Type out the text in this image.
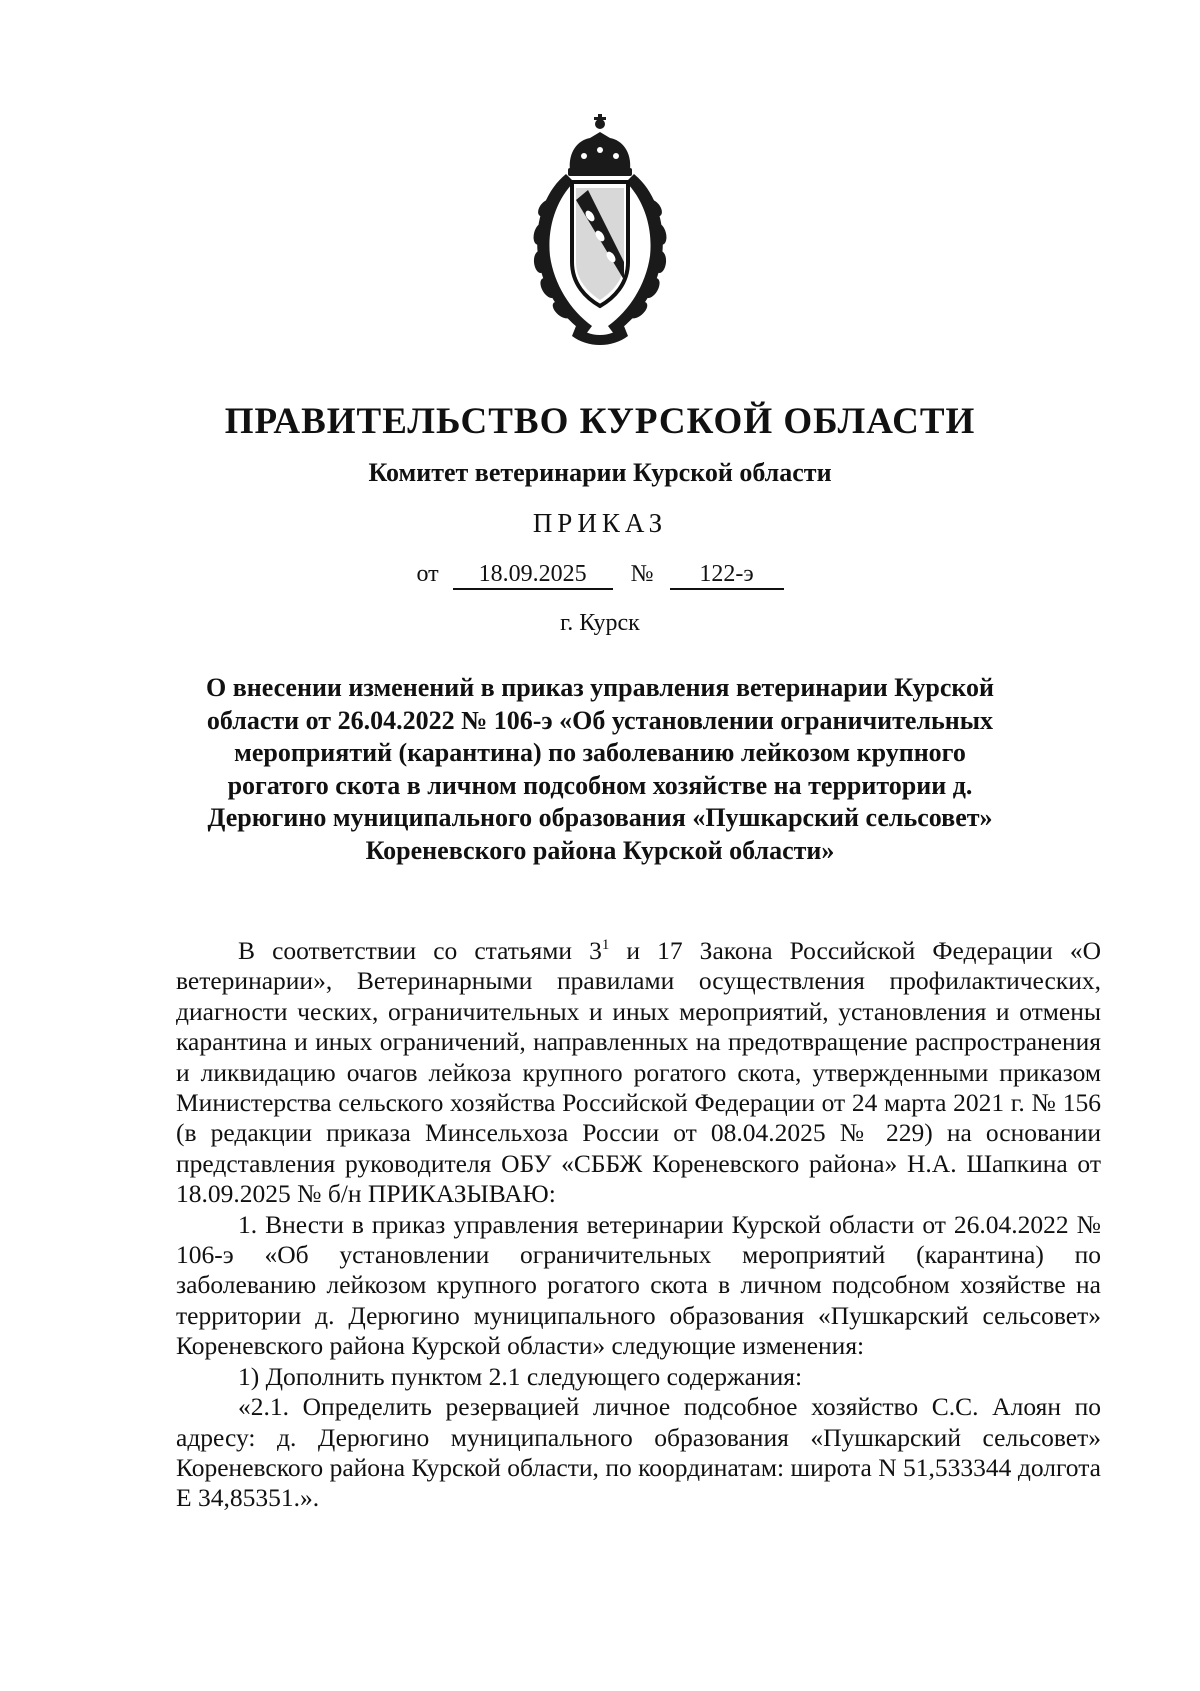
ПРАВИТЕЛЬСТВО КУРСКОЙ ОБЛАСТИ
Комитет ветеринарии Курской области
ПРИКАЗ
от 18.09.2025 № 122-э
г. Курск
О внесении изменений в приказ управления ветеринарии Курской
области от 26.04.2022 № 106-э «Об установлении ограничительных
мероприятий (карантина) по заболеванию лейкозом крупного
рогатого скота в личном подсобном хозяйстве на территории д.
Дерюгино муниципального образования «Пушкарский сельсовет»
Кореневского района Курской области»

В соответствии со статьями $3^1$ и 17 Закона Российской Федерации «О ветеринарии», Ветеринарными правилами осуществления профилактических, диагности ческих, ограничительных и иных мероприятий, установления и отмены карантина и иных ограничений, направленных на предотвращение распространения и ликвидацию очагов лейкоза крупного рогатого скота, утвержденными приказом Министерства сельского хозяйства Российской Федерации от 24 марта 2021 г. № 156 (в редакции приказа Минсельхоза России от 08.04.2025 № 229) на основании представления руководителя ОБУ «СББЖ Кореневского района» Н.А. Шапкина от 18.09.2025 № б/н ПРИКАЗЫВАЮ:

1. Внести в приказ управления ветеринарии Курской области от 26.04.2022 № 106-э «Об установлении ограничительных мероприятий (карантина) по заболеванию лейкозом крупного рогатого скота в личном подсобном хозяйстве на территории д. Дерюгино муниципального образования «Пушкарский сельсовет» Кореневского района Курской области» следующие изменения:

1) Дополнить пунктом 2.1 следующего содержания:

«2.1. Определить резервацией личное подсобное хозяйство С.С. Алоян по адресу: д. Дерюгино муниципального образования «Пушкарский сельсовет» Кореневского района Курской области, по координатам: широта N 51,533344 долгота E 34,85351.».
